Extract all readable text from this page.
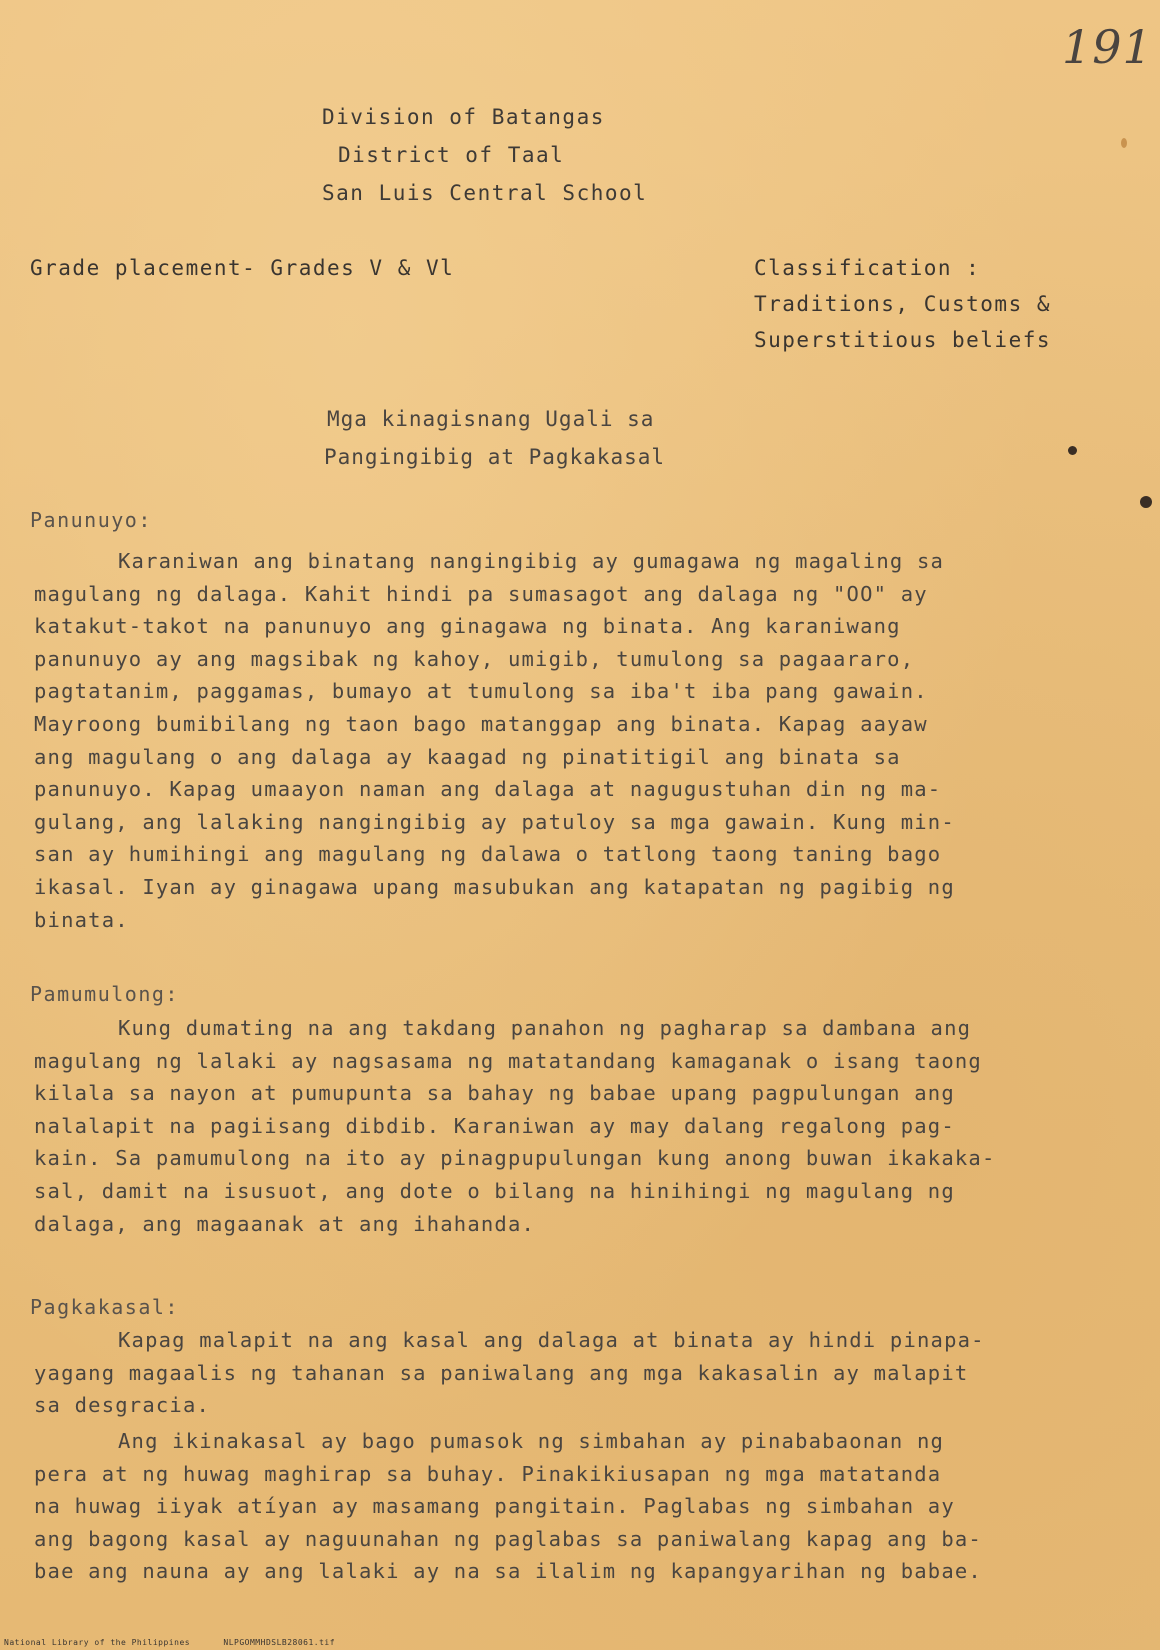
191
Division of Batangas
District of Taal
San Luis Central School
Grade placement- Grades V & Vl	Classification :
Traditions, Customs &
Superstitious beliefs
Mga kinagisnang Ugali sa
Pangingibig at Pagkakasal
Panunuyo:
Karaniwan ang binatang nangingibig ay gumagawa ng magaling sa
magulang ng dalaga. Kahit hindi pa sumasagot ang dalaga ng "OO" ay
katakut-takot na panunuyo ang ginagawa ng binata. Ang karaniwang
panunuyo ay ang magsibak ng kahoy, umigib, tumulong sa pagaararo,
pagtatanim, paggamas, bumayo at tumulong sa iba't iba pang gawain.
Mayroong bumibilang ng taon bago matanggap ang binata. Kapag aayaw
ang magulang o ang dalaga ay kaagad ng pinatitigil ang binata sa
panunuyo. Kapag umaayon naman ang dalaga at nagugustuhan din ng ma-
gulang, ang lalaking nangingibig ay patuloy sa mga gawain. Kung min-
san ay humihingi ang magulang ng dalawa o tatlong taong taning bago
ikasal. Iyan ay ginagawa upang masubukan ang katapatan ng pagibig ng
binata.
Pamumulong:
Kung dumating na ang takdang panahon ng pagharap sa dambana ang
magulang ng lalaki ay nagsasama ng matatandang kamaganak o isang taong
kilala sa nayon at pumupunta sa bahay ng babae upang pagpulungan ang
nalalapit na pagiisang dibdib. Karaniwan ay may dalang regalong pag-
kain. Sa pamumulong na ito ay pinagpupulungan kung anong buwan ikakaka-
sal, damit na isusuot, ang dote o bilang na hinihingi ng magulang ng
dalaga, ang magaanak at ang ihahanda.
Pagkakasal:
Kapag malapit na ang kasal ang dalaga at binata ay hindi pinapa-
yagang magaalis ng tahanan sa paniwalang ang mga kakasalin ay malapit
sa desgracia.
Ang ikinakasal ay bago pumasok ng simbahan ay pinababaonan ng
pera at ng huwag maghirap sa buhay. Pinakikiusapan ng mga matatanda
na huwag iiyak atíyan ay masamang pangitain. Paglabas ng simbahan ay
ang bagong kasal ay naguunahan ng paglabas sa paniwalang kapag ang ba-
bae ang nauna ay ang lalaki ay na sa ilalim ng kapangyarihan ng babae.
National Library of the Philippines	NLPGOMMHDSLB28061.tif
